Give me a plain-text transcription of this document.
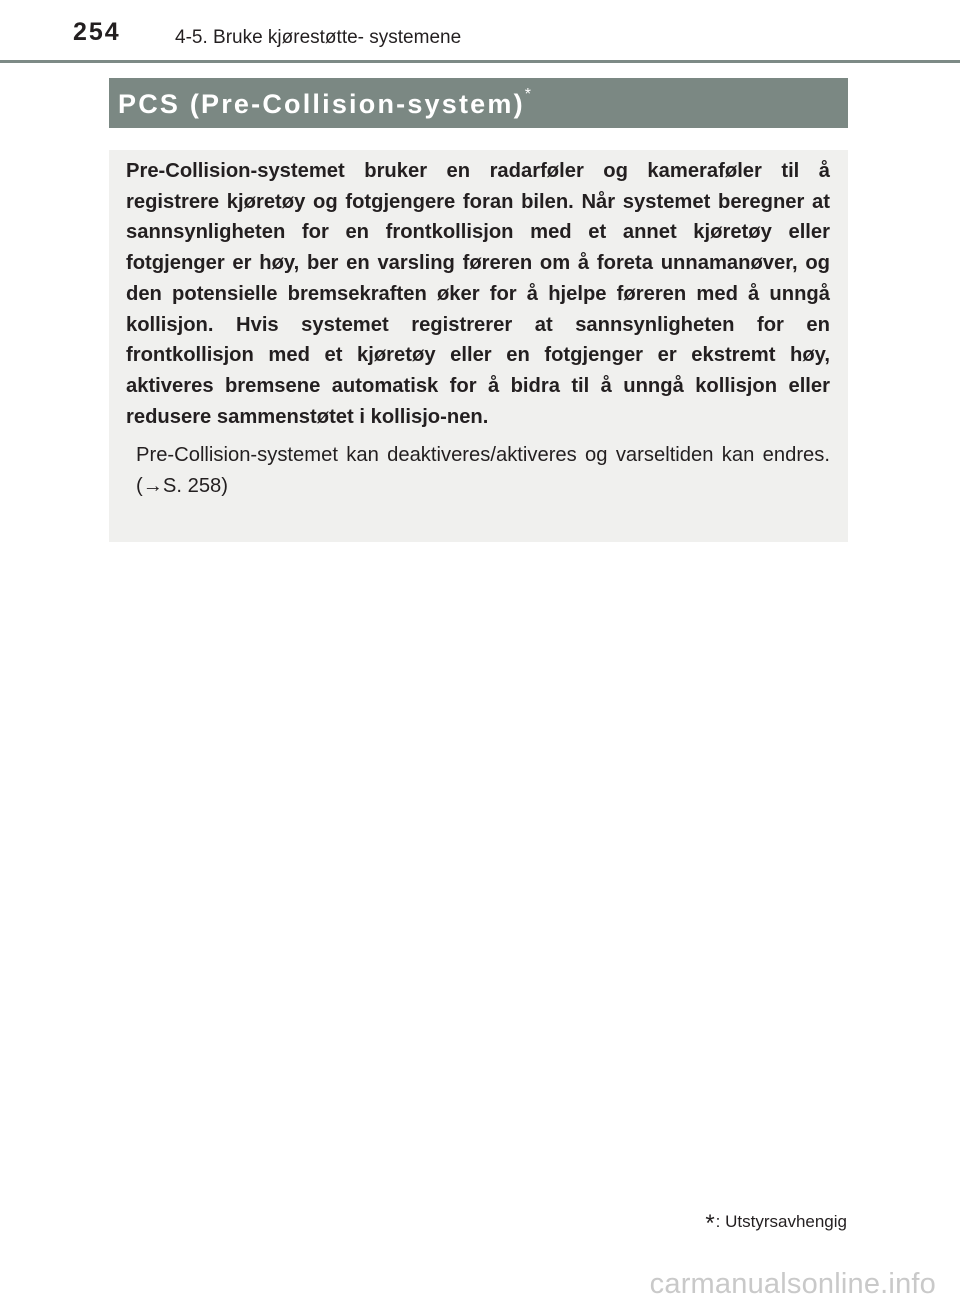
254	4-5. Bruke kjørestøtte- systemene
PCS (Pre-Collision-system)*

Pre-Collision-systemet bruker en radarføler og kameraføler til å registrere kjøretøy og fotgjengere foran bilen. Når systemet beregner at sannsynligheten for en frontkollisjon med et annet kjøretøy eller fotgjenger er høy, ber en varsling føreren om å foreta unnamanøver, og den potensielle bremsekraften øker for å hjelpe føreren med å unngå kollisjon. Hvis systemet registrerer at sannsynligheten for en frontkollisjon med et kjøretøy eller en fotgjenger er ekstremt høy, aktiveres bremsene automatisk for å bidra til å unngå kollisjon eller redusere sammenstøtet i kollisjo-nen.

Pre-Collision-systemet kan deaktiveres/aktiveres og varseltiden kan endres. (→S. 258)

*: Utstyrsavhengig
carmanualsonline.info
